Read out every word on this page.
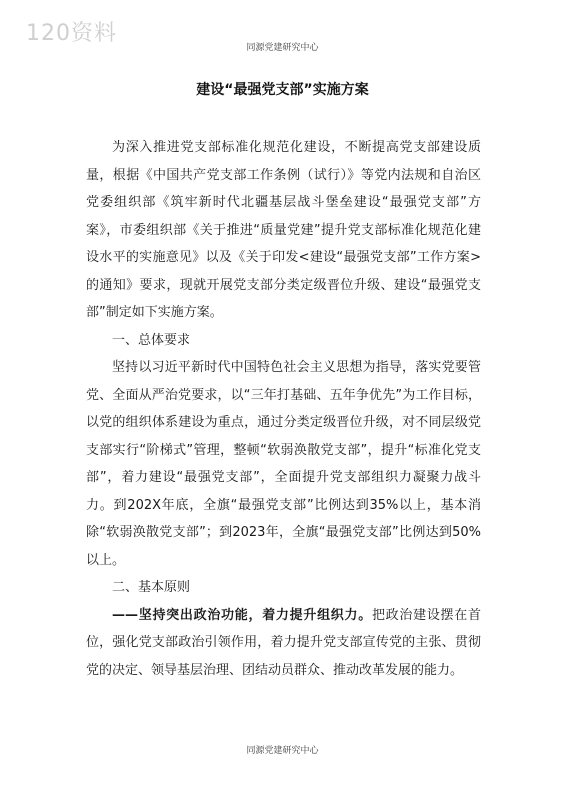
120资料
同源党建研究中心
建设“最强党支部”实施方案

为深入推进党支部标准化规范化建设，不断提高党支部建设质量，根据《中国共产党支部工作条例（试行）》等党内法规和自治区党委组织部《筑牢新时代北疆基层战斗堡垒建设“最强党支部”方案》，市委组织部《关于推进“质量党建”提升党支部标准化规范化建设水平的实施意见》以及《关于印发<建设“最强党支部”工作方案>的通知》要求，现就开展党支部分类定级晋位升级、建设“最强党支部”制定如下实施方案。

一、总体要求

坚持以习近平新时代中国特色社会主义思想为指导，落实党要管党、全面从严治党要求，以“三年打基础、五年争优先”为工作目标，以党的组织体系建设为重点，通过分类定级晋位升级，对不同层级党支部实行“阶梯式”管理，整顿“软弱涣散党支部”，提升“标准化党支部”，着力建设“最强党支部”，全面提升党支部组织力凝聚力战斗力。到202X年底，全旗“最强党支部”比例达到35%以上，基本消除“软弱涣散党支部”；到2023年，全旗“最强党支部”比例达到50%以上。

二、基本原则

——坚持突出政治功能，着力提升组织力。把政治建设摆在首位，强化党支部政治引领作用，着力提升党支部宣传党的主张、贯彻党的决定、领导基层治理、团结动员群众、推动改革发展的能力。

同源党建研究中心
